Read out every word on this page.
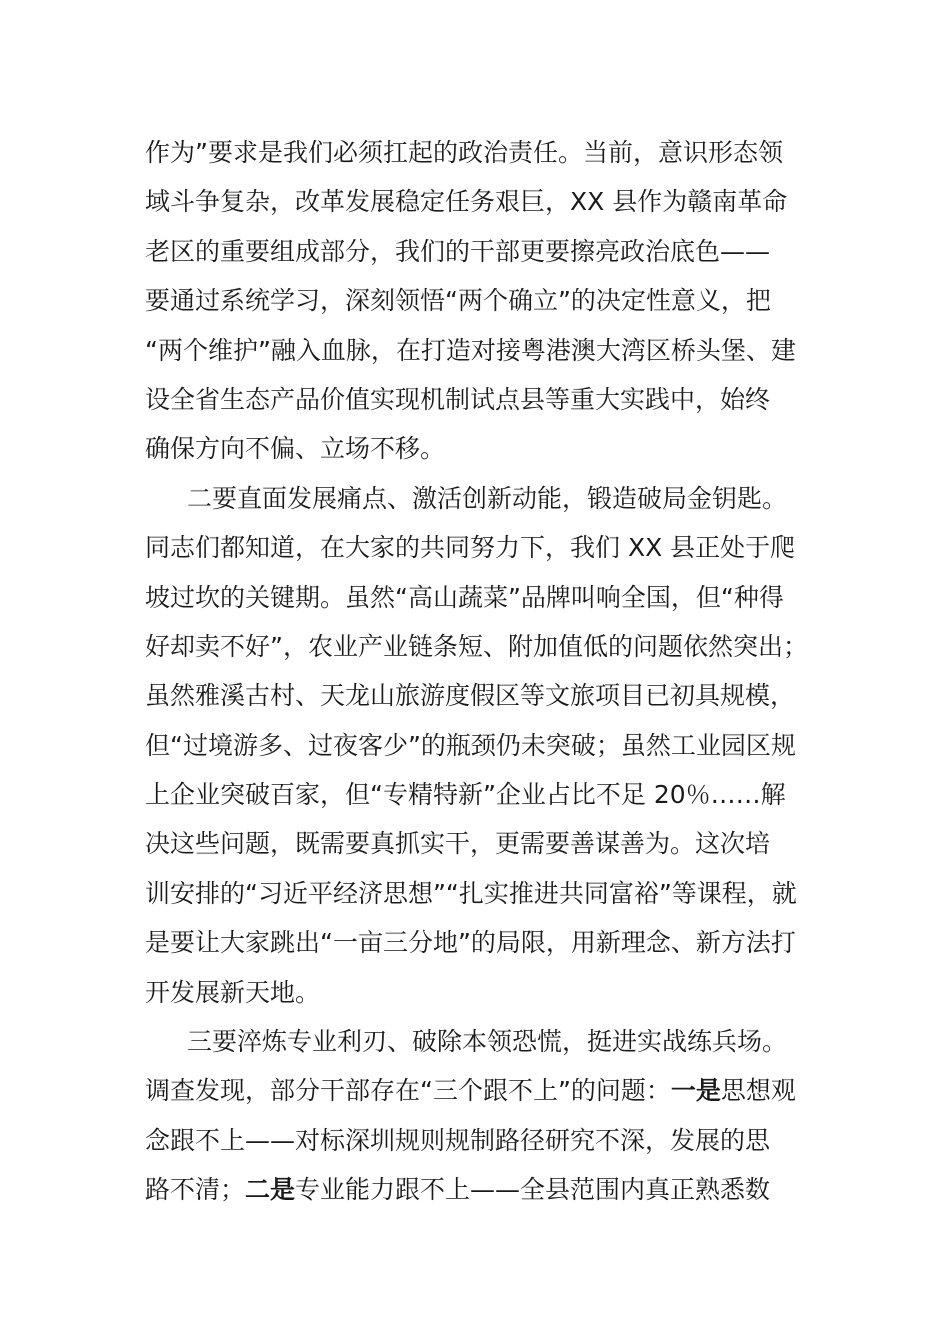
作为”要求是我们必须扛起的政治责任。当前，意识形态领
域斗争复杂，改革发展稳定任务艰巨，XX 县作为赣南革命
老区的重要组成部分，我们的干部更要擦亮政治底色——
要通过系统学习，深刻领悟“两个确立”的决定性意义，把
“两个维护”融入血脉，在打造对接粤港澳大湾区桥头堡、建
设全省生态产品价值实现机制试点县等重大实践中，始终
确保方向不偏、立场不移。
二要直面发展痛点、激活创新动能，锻造破局金钥匙。
同志们都知道，在大家的共同努力下，我们 XX 县正处于爬
坡过坎的关键期。虽然“高山蔬菜”品牌叫响全国，但“种得
好却卖不好”，农业产业链条短、附加值低的问题依然突出；
虽然雅溪古村、天龙山旅游度假区等文旅项目已初具规模，
但“过境游多、过夜客少”的瓶颈仍未突破；虽然工业园区规
上企业突破百家，但“专精特新”企业占比不足 20％……解
决这些问题，既需要真抓实干，更需要善谋善为。这次培
训安排的“习近平经济思想”“扎实推进共同富裕”等课程，就
是要让大家跳出“一亩三分地”的局限，用新理念、新方法打
开发展新天地。
三要淬炼专业利刃、破除本领恐慌，挺进实战练兵场。
调查发现，部分干部存在“三个跟不上”的问题：一是思想观
念跟不上——对标深圳规则规制路径研究不深，发展的思
路不清；二是专业能力跟不上——全县范围内真正熟悉数
